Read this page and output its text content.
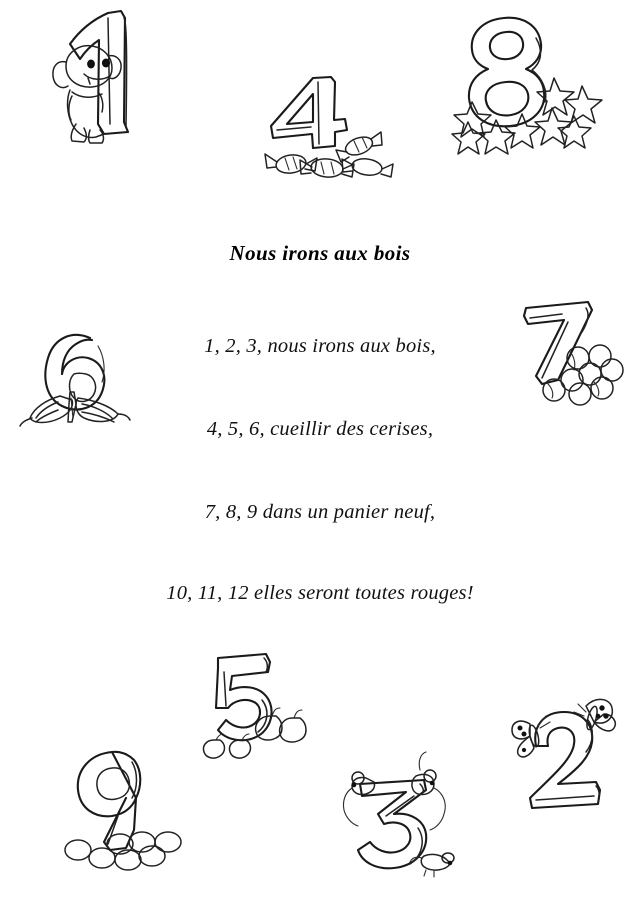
Nous irons aux bois
1, 2, 3, nous irons aux bois,
4, 5, 6, cueillir des cerises,
7, 8, 9 dans un panier neuf,
10, 11, 12 elles seront toutes rouges!
